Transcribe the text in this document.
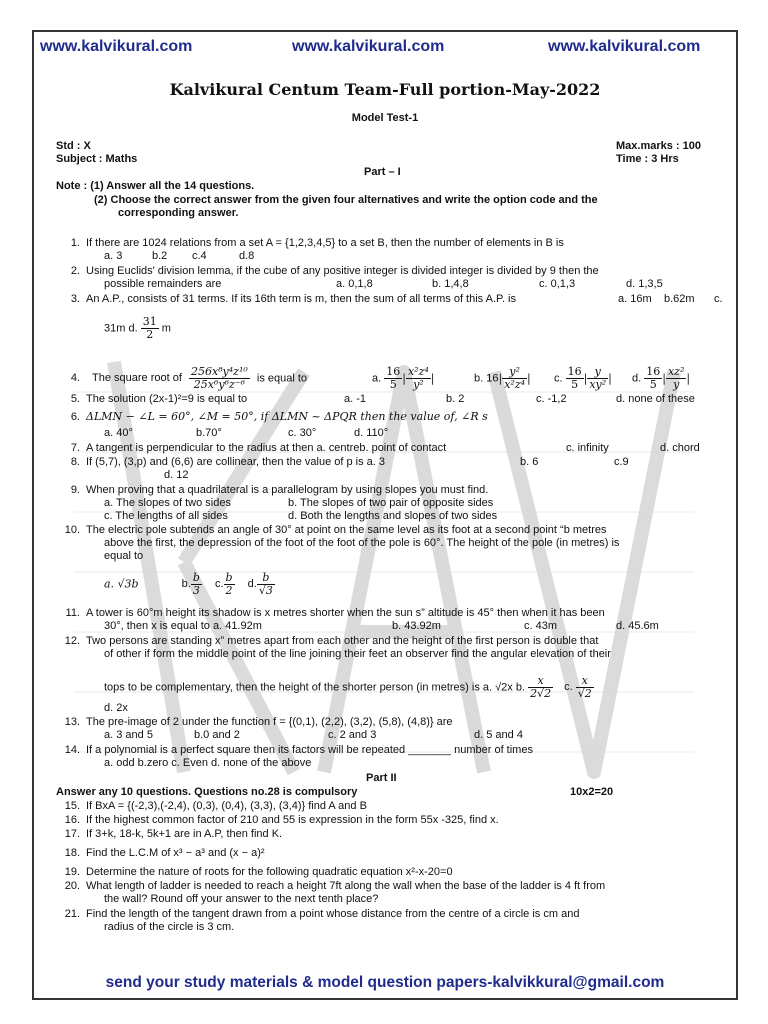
www.kalvikural.com	www.kalvikural.com	www.kalvikural.com
Kalvikural Centum Team-Full portion-May-2022
Model Test-1
Std : X
Subject : Maths
Max.marks : 100
Time : 3 Hrs
Part – I
Note : (1) Answer all the 14 questions.
(2) Choose the correct answer from the given four alternatives and write the option code and the
corresponding answer.
1. If there are 1024 relations from a set A = {1,2,3,4,5} to a set B, then the number of elements in B is
a. 3	b.2 c.4	d.8
2. Using Euclids' division lemma, if the cube of any positive integer is divided integer is divided by 9 then the
possible remainders are	a. 0,1,8	b. 1,4,8	c. 0,1,3	d. 1,3,5
3. An A.P., consists of 31 terms. If its 16th term is m, then the sum of all terms of this A.P. is	a. 16m b.62m c.
31m d. $\frac{31}{2}$ m
4. The square root of $\frac{\text{256x⁸y⁴z¹⁰}}{\text{25x⁶y⁶z⁻⁶}}$ is equal to	a. $\frac{16}{5}$ | $\frac{\text{x²z⁴}}{\text{y²}}$ |	b. $16| \frac{\text{y²}}{\text{x²z⁴}}$ | c. $\frac{16}{5}$ | $\frac{y}{\text{xy²}}$ | d. $\frac{16}{5}$ | $\frac{\text{xz²}}{y}$ |
5. The solution (2x-1)²=9 is equal to	a. -1	b. 2	c. -1,2	d. none of these
6. ΔLMN − ∠L = 60°, ∠M = 50°, if ΔLMN ~ ΔPQR then the value of, ∠R s
a. 40°	b.70°	c. 30°	d. 110°
7. A tangent is perpendicular to the radius at then a. centreb. point of contact	c. infinity	d. chord
8. If (5,7), (3,p) and (6,6) are collinear, then the value of p is a. 3	b. 6	c.9
d. 12
9. When proving that a quadrilateral is a parallelogram by using slopes you must find.
a. The slopes of two sides	b. The slopes of two pair of opposite sides
c. The lengths of all sides	d. Both the lengths and slopes of two sides
10. The electric pole subtends an angle of 30° at point on the same level as its foot at a second point “b metres
above the first, the depression of the foot of the foot of the pole is 60°. The height of the pole (in metres) is
equal to
a. √3b	b. $\frac{b}{3} c$. $\frac{b}{2} d$. $\frac{b}{√3}$
11. A tower is 60°m height its shadow is x metres shorter when the sun s” altitude is 45° then when it has been
30°, then x is equal to a. 41.92m	b. 43.92m	c. 43m	d. 45.6m
12. Two persons are standing x” metres apart from each other and the height of the first person is double that
of other if form the middle point of the line joining their feet an observer find the angular elevation of their
tops to be complementary, then the height of the shorter person (in metres) is a. √2x b. $\frac{x}{2√2} c$. $\frac{x}{√2}$
d. 2x
13. The pre-image of 2 under the function f = {(0,1), (2,2), (3,2), (5,8), (4,8)} are
a. 3 and 5	b.0 and 2	c. 2 and 3	d. 5 and 4
14. If a polynomial is a perfect square then its factors will be repeated _______ number of times
a. odd b.zero c. Even d. none of the above
Part II
Answer any 10 questions. Questions no.28 is compulsory	10x2=20
15. If BxA = {(-2,3),(-2,4), (0,3), (0,4), (3,3), (3,4)} find A and B
16. If the highest common factor of 210 and 55 is expression in the form 55x -325, find x.
17. If 3+k, 18-k, 5k+1 are in A.P, then find K.
18. Find the L.C.M of x³ − a³ and (x − a)²
19. Determine the nature of roots for the following quadratic equation x²-x-20=0
20. What length of ladder is needed to reach a height 7ft along the wall when the base of the ladder is 4 ft from
the wall? Round off your answer to the next tenth place?
21. Find the length of the tangent drawn from a point whose distance from the centre of a circle is cm and
radius of the circle is 3 cm.
send your study materials & model question papers-kalvikkural@gmail.com
